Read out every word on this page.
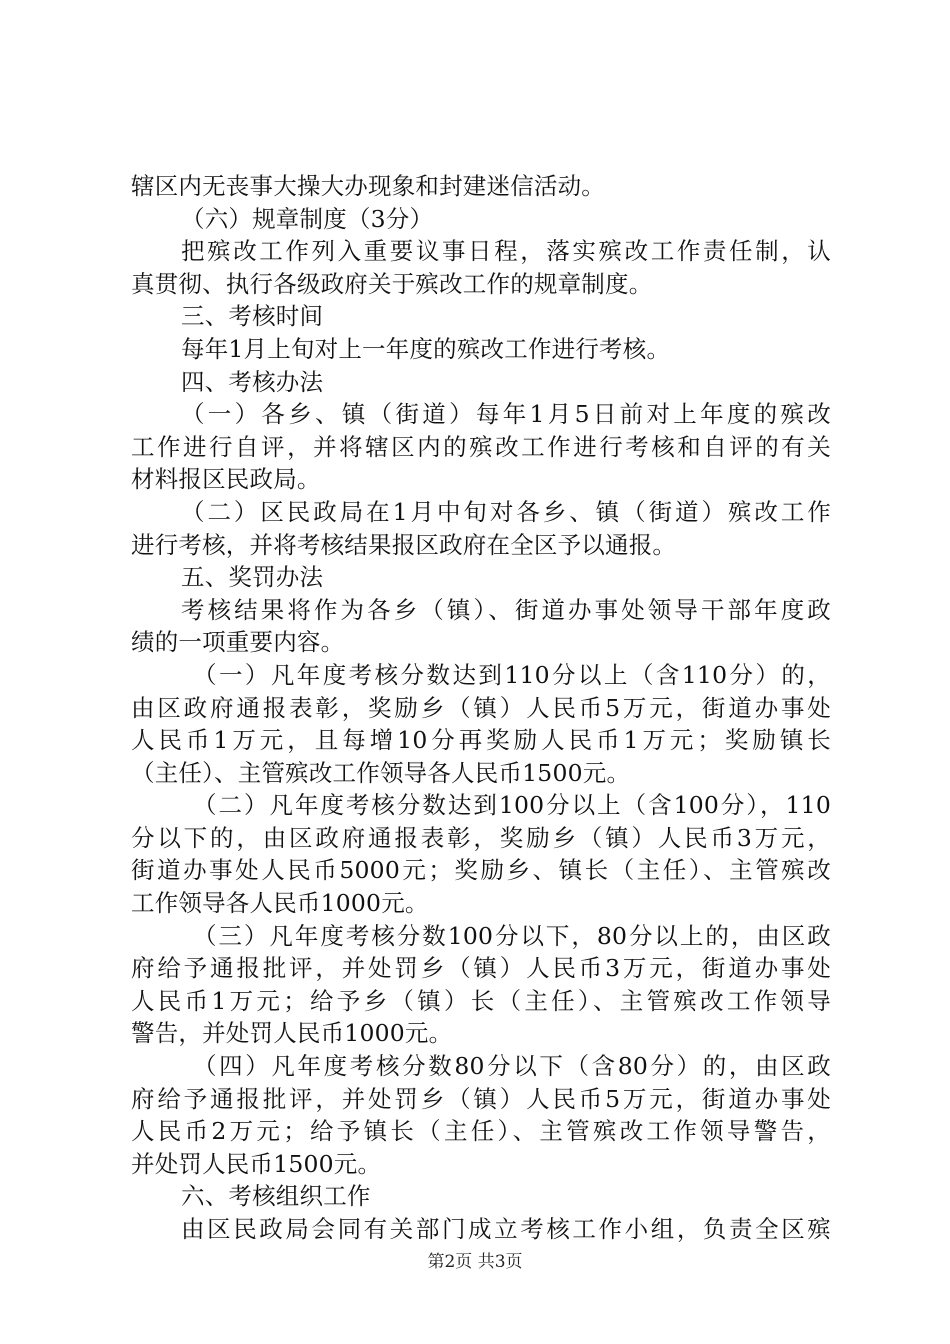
辖区内无丧事大操大办现象和封建迷信活动。
（六）规章制度（3分）
把殡改工作列入重要议事日程，落实殡改工作责任制，认
真贯彻、执行各级政府关于殡改工作的规章制度。
三、考核时间
每年1月上旬对上一年度的殡改工作进行考核。
四、考核办法
（一）各乡、镇（街道）每年1月5日前对上年度的殡改
工作进行自评，并将辖区内的殡改工作进行考核和自评的有关
材料报区民政局。
（二）区民政局在1月中旬对各乡、镇（街道）殡改工作
进行考核，并将考核结果报区政府在全区予以通报。
五、奖罚办法
考核结果将作为各乡（镇）、街道办事处领导干部年度政
绩的一项重要内容。
（一）凡年度考核分数达到110分以上（含110分）的，
由区政府通报表彰，奖励乡（镇）人民币5万元，街道办事处
人民币1万元，且每增10分再奖励人民币1万元；奖励镇长
（主任）、主管殡改工作领导各人民币1500元。
（二）凡年度考核分数达到100分以上（含100分），110
分以下的，由区政府通报表彰，奖励乡（镇）人民币3万元，
街道办事处人民币5000元；奖励乡、镇长（主任）、主管殡改
工作领导各人民币1000元。
（三）凡年度考核分数100分以下，80分以上的，由区政
府给予通报批评，并处罚乡（镇）人民币3万元，街道办事处
人民币1万元；给予乡（镇）长（主任）、主管殡改工作领导
警告，并处罚人民币1000元。
（四）凡年度考核分数80分以下（含80分）的，由区政
府给予通报批评，并处罚乡（镇）人民币5万元，街道办事处
人民币2万元；给予镇长（主任）、主管殡改工作领导警告，
并处罚人民币1500元。
六、考核组织工作
由区民政局会同有关部门成立考核工作小组，负责全区殡
第2页 共3页
